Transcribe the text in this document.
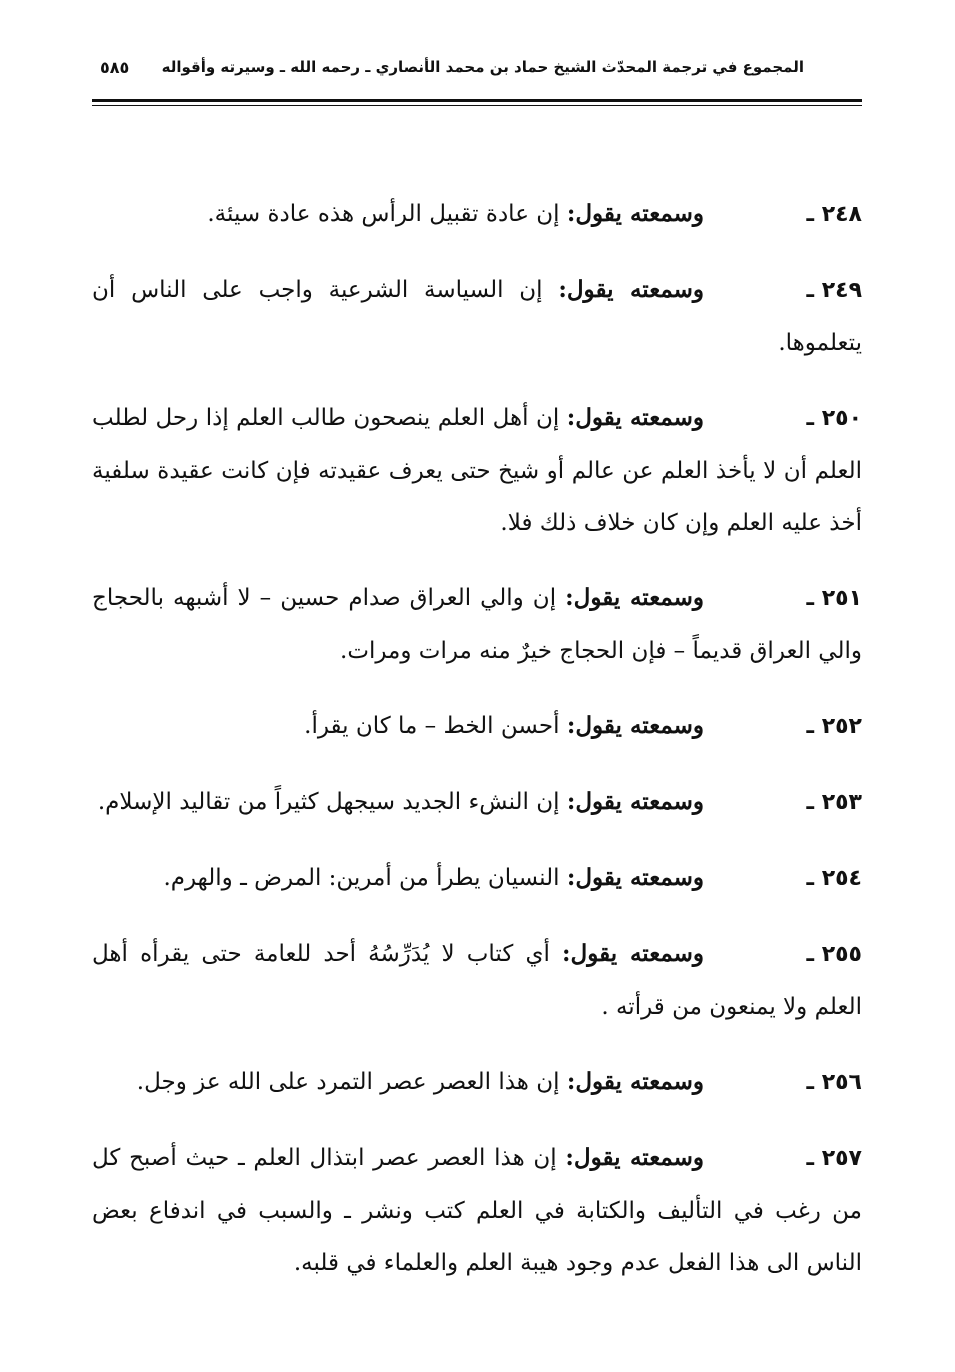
المجموع في ترجمة المحدّث الشيخ حماد بن محمد الأنصاري ـ رحمه الله ـ وسيرته وأقواله
٥٨٥

٢٤٨ ـوسمعته يقول: إن عادة تقبيل الرأس هذه عادة سيئة.

٢٤٩ ـوسمعته يقول: إن السياسة الشرعية واجب على الناس أن يتعلموها.

٢٥٠ ـوسمعته يقول: إن أهل العلم ينصحون طالب العلم إذا رحل لطلب العلم أن لا يأخذ العلم عن عالم أو شيخ حتى يعرف عقيدته فإن كانت عقيدة سلفية أخذ عليه العلم وإن كان خلاف ذلك فلا.

٢٥١ ـوسمعته يقول: إن والي العراق صدام حسين – لا أشبهه بالحجاج والي العراق قديماً – فإن الحجاج خيرٌ منه مرات ومرات.

٢٥٢ ـوسمعته يقول: أحسن الخط – ما كان يقرأ.

٢٥٣ ـوسمعته يقول: إن النشء الجديد سيجهل كثيراً من تقاليد الإسلام.

٢٥٤ ـوسمعته يقول: النسيان يطرأ من أمرين: المرض ـ والهرم.

٢٥٥ ـوسمعته يقول: أي كتاب لا يُدَرِّسُهُ أحد للعامة حتى يقرأه أهل العلم ولا يمنعون من قرأته .

٢٥٦ ـوسمعته يقول: إن هذا العصر عصر التمرد على الله عز وجل.

٢٥٧ ـوسمعته يقول: إن هذا العصر عصر ابتذال العلم ـ حيث أصبح كل من رغب في التأليف والكتابة في العلم كتب ونشر ـ والسبب في اندفاع بعض الناس الى هذا الفعل عدم وجود هيبة العلم والعلماء في قلبه.
